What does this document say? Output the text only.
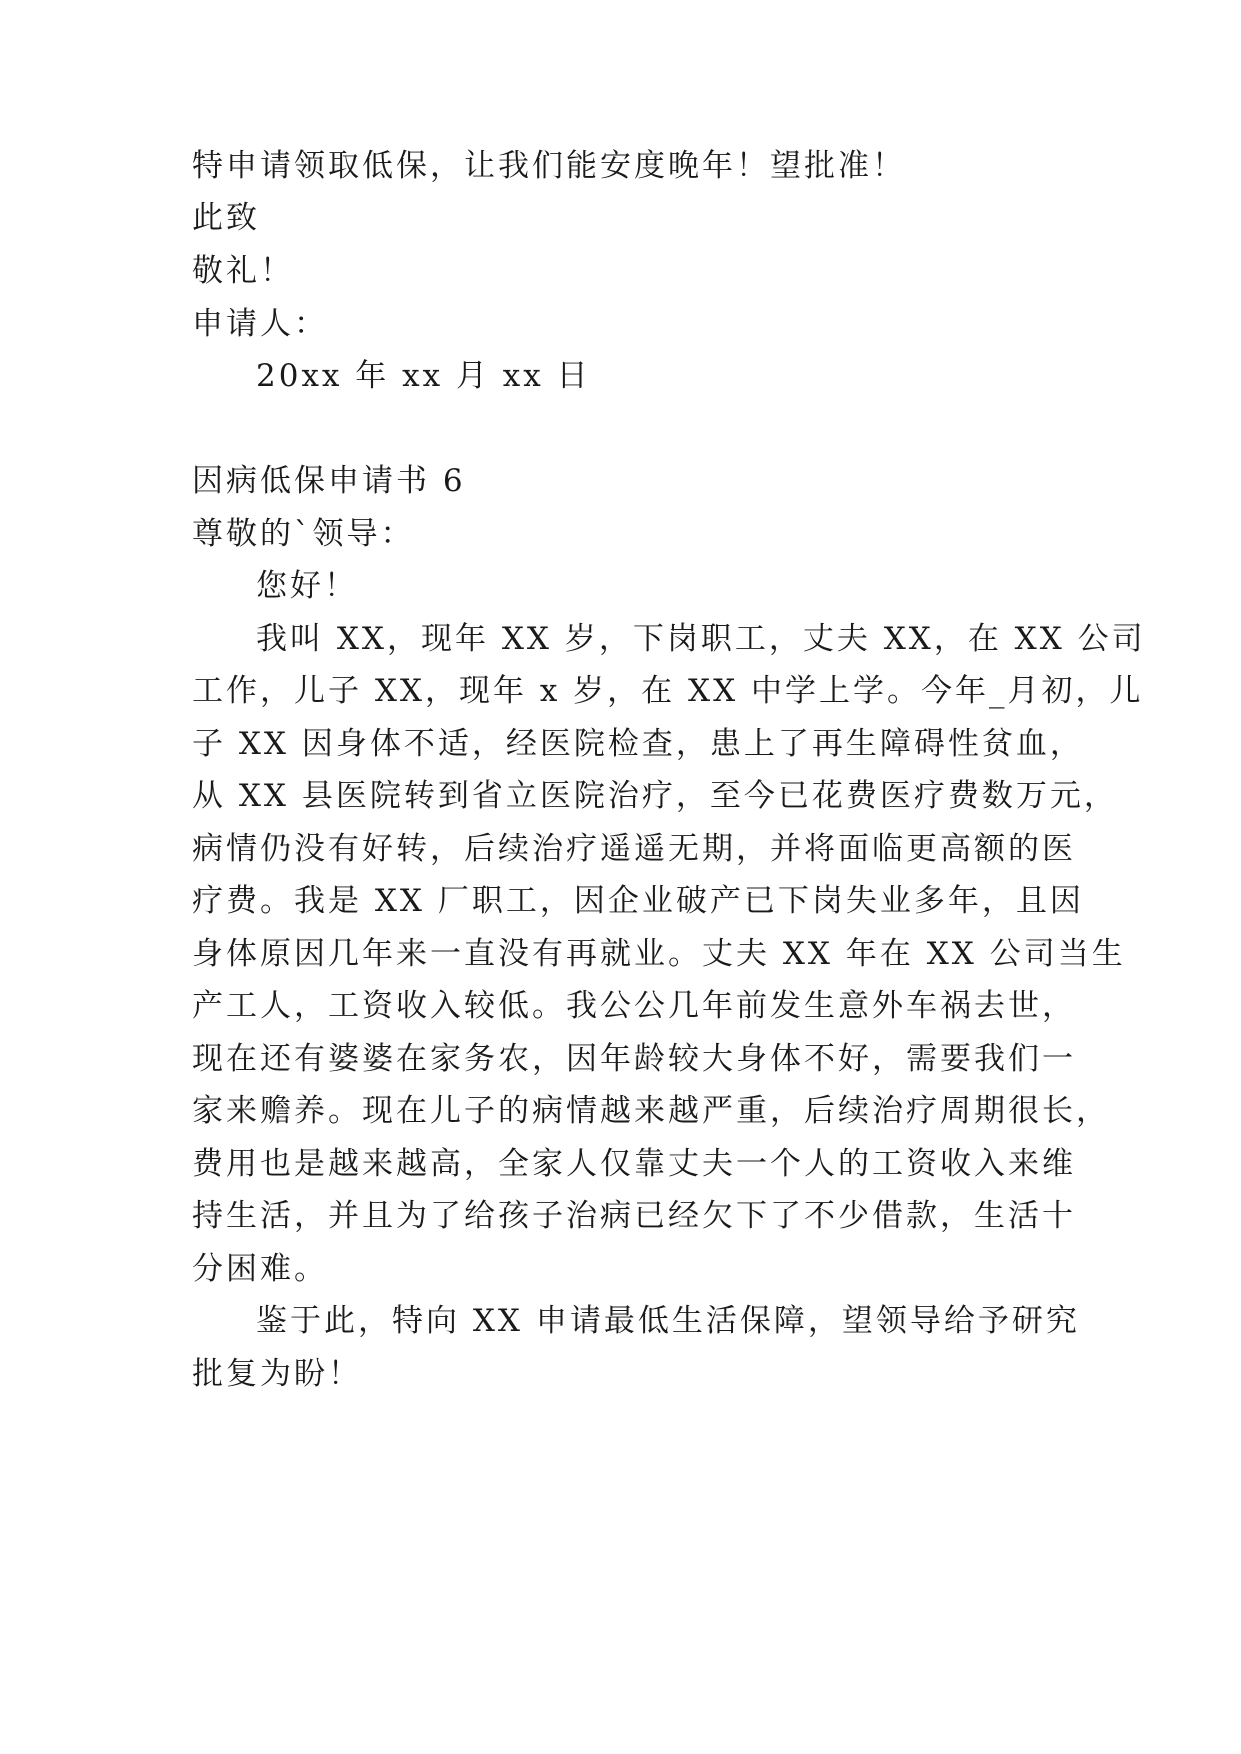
特申请领取低保，让我们能安度晚年！望批准！
此致
敬礼！
申请人：
20xx 年 xx 月 xx 日
因病低保申请书 6
尊敬的`领导：
您好！
我叫 XX，现年 XX 岁，下岗职工，丈夫 XX，在 XX 公司
工作，儿子 XX，现年 x 岁，在 XX 中学上学。今年_月初，儿
子 XX 因身体不适，经医院检查，患上了再生障碍性贫血，
从 XX 县医院转到省立医院治疗，至今已花费医疗费数万元，
病情仍没有好转，后续治疗遥遥无期，并将面临更高额的医
疗费。我是 XX 厂职工，因企业破产已下岗失业多年，且因
身体原因几年来一直没有再就业。丈夫 XX 年在 XX 公司当生
产工人，工资收入较低。我公公几年前发生意外车祸去世，
现在还有婆婆在家务农，因年龄较大身体不好，需要我们一
家来赡养。现在儿子的病情越来越严重，后续治疗周期很长，
费用也是越来越高，全家人仅靠丈夫一个人的工资收入来维
持生活，并且为了给孩子治病已经欠下了不少借款，生活十
分困难。
鉴于此，特向 XX 申请最低生活保障，望领导给予研究
批复为盼！
